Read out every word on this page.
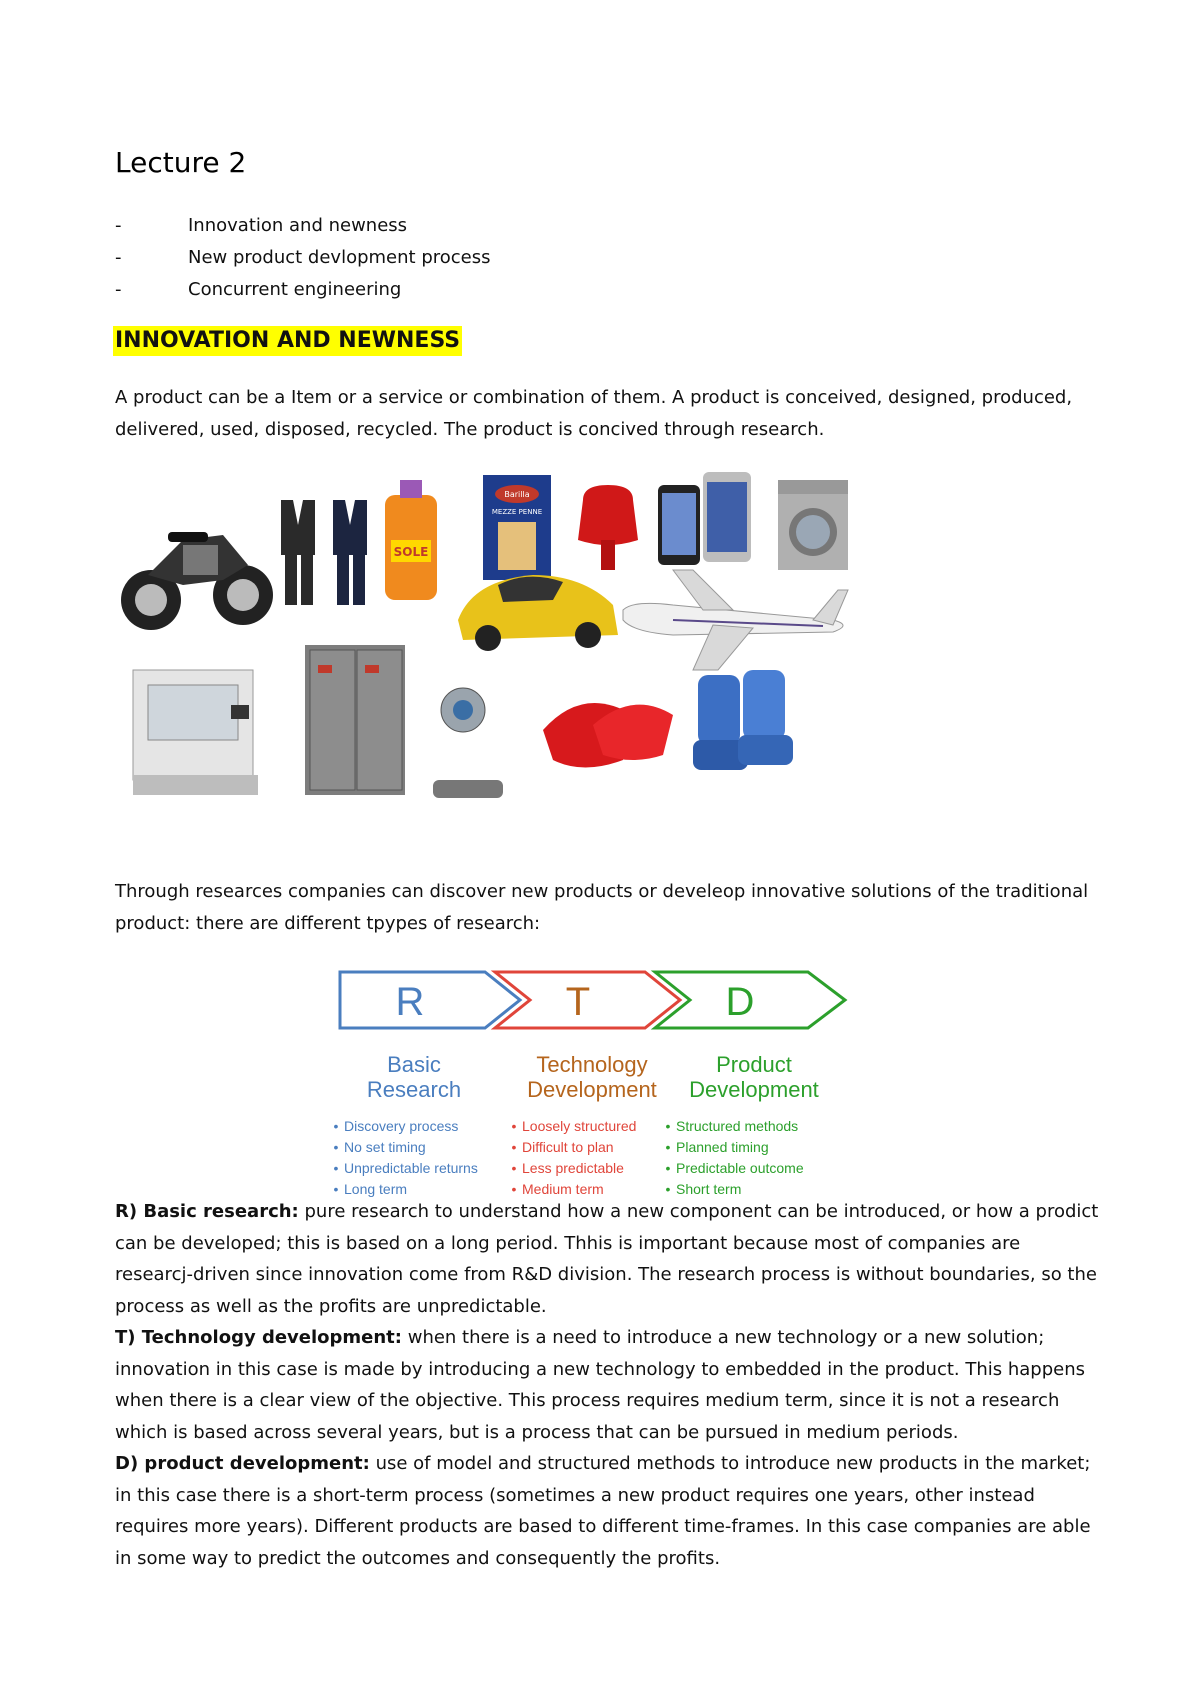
Lecture 2
-	Innovation and newness
-	New product devlopment process
-	Concurrent engineering
INNOVATION AND NEWNESS

A product can be a Item or a service or combination of them. A product is conceived, designed, produced, delivered, used, disposed, recycled. The product is concived through research.

SOLE
Barilla
MEZZE PENNE

Through researces companies can discover new products or develeop innovative solutions of the traditional product: there are different tpypes of research:

R	T	D
Basic
Research
• Discovery process
• No set timing
• Unpredictable returns
• Long term
Technology
Development
• Loosely structured
• Difficult to plan
• Less predictable
• Medium term
Product
Development
• Structured methods
• Planned timing
• Predictable outcome
• Short term

R) Basic research: pure research to understand how a new component can be introduced, or how a prodict can be developed; this is based on a long period. Thhis is important because most of companies are researcj-driven since innovation come from R&D division. The research process is without boundaries, so the process as well as the profits are unpredictable.

T) Technology development: when there is a need to introduce a new technology or a new solution; innovation in this case is made by introducing a new technology to embedded in the product. This happens when there is a clear view of the objective. This process requires medium term, since it is not a research which is based across several years, but is a process that can be pursued in medium periods.

D) product development: use of model and structured methods to introduce new products in the market; in this case there is a short-term process (sometimes a new product requires one years, other instead requires more years). Different products are based to different time-frames. In this case companies are able in some way to predict the outcomes and consequently the profits.
